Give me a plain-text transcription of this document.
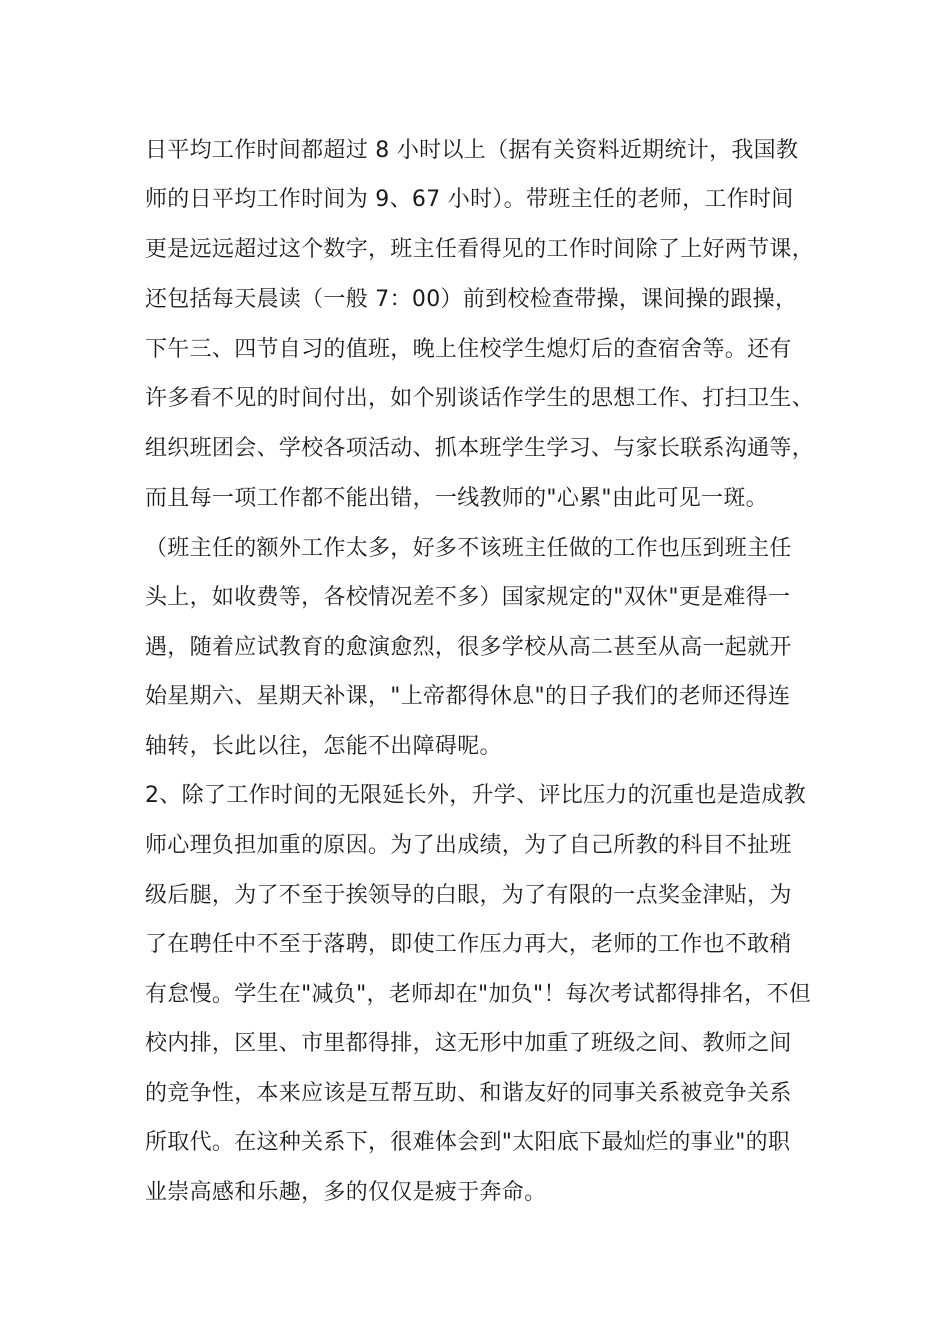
日平均工作时间都超过 8 小时以上（据有关资料近期统计，我国教
师的日平均工作时间为 9、67 小时）。带班主任的老师，工作时间
更是远远超过这个数字，班主任看得见的工作时间除了上好两节课，
还包括每天晨读（一般 7：00）前到校检查带操，课间操的跟操，
下午三、四节自习的值班，晚上住校学生熄灯后的查宿舍等。还有
许多看不见的时间付出，如个别谈话作学生的思想工作、打扫卫生、
组织班团会、学校各项活动、抓本班学生学习、与家长联系沟通等，
而且每一项工作都不能出错，一线教师的"心累"由此可见一斑。
（班主任的额外工作太多，好多不该班主任做的工作也压到班主任
头上，如收费等，各校情况差不多）国家规定的"双休"更是难得一
遇，随着应试教育的愈演愈烈，很多学校从高二甚至从高一起就开
始星期六、星期天补课，"上帝都得休息"的日子我们的老师还得连
轴转，长此以往，怎能不出障碍呢。
2、除了工作时间的无限延长外，升学、评比压力的沉重也是造成教
师心理负担加重的原因。为了出成绩，为了自己所教的科目不扯班
级后腿，为了不至于挨领导的白眼，为了有限的一点奖金津贴，为
了在聘任中不至于落聘，即使工作压力再大，老师的工作也不敢稍
有怠慢。学生在"减负"，老师却在"加负"！每次考试都得排名，不但
校内排，区里、市里都得排，这无形中加重了班级之间、教师之间
的竞争性，本来应该是互帮互助、和谐友好的同事关系被竞争关系
所取代。在这种关系下，很难体会到"太阳底下最灿烂的事业"的职
业崇高感和乐趣，多的仅仅是疲于奔命。
